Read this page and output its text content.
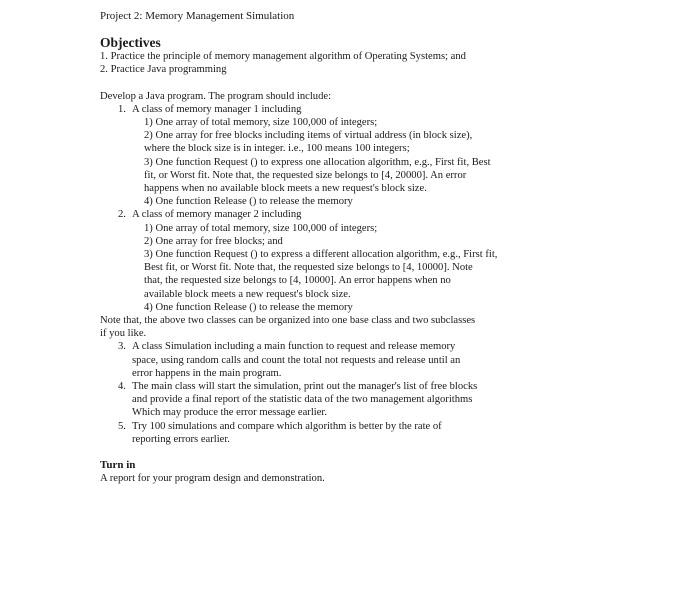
Project 2: Memory Management Simulation
Objectives
1. Practice the principle of memory management algorithm of Operating Systems; and
2. Practice Java programming
Develop a Java program. The program should include:
1. A class of memory manager 1 including
1) One array of total memory, size 100,000 of integers;
2) One array for free blocks including items of virtual address (in block size),
where the block size is in integer. i.e., 100 means 100 integers;
3) One function Request () to express one allocation algorithm, e.g., First fit, Best
fit, or Worst fit. Note that, the requested size belongs to [4, 20000]. An error
happens when no available block meets a new request's block size.
4) One function Release () to release the memory
2. A class of memory manager 2 including
1) One array of total memory, size 100,000 of integers;
2) One array for free blocks; and
3) One function Request () to express a different allocation algorithm, e.g., First fit,
Best fit, or Worst fit. Note that, the requested size belongs to [4, 10000]. Note
that, the requested size belongs to [4, 10000]. An error happens when no
available block meets a new request's block size.
4) One function Release () to release the memory
Note that, the above two classes can be organized into one base class and two subclasses
if you like.
3. A class Simulation including a main function to request and release memory
space, using random calls and count the total not requests and release until an
error happens in the main program.
4. The main class will start the simulation, print out the manager's list of free blocks
and provide a final report of the statistic data of the two management algorithms
Which may produce the error message earlier.
5. Try 100 simulations and compare which algorithm is better by the rate of
reporting errors earlier.
Turn in
A report for your program design and demonstration.
